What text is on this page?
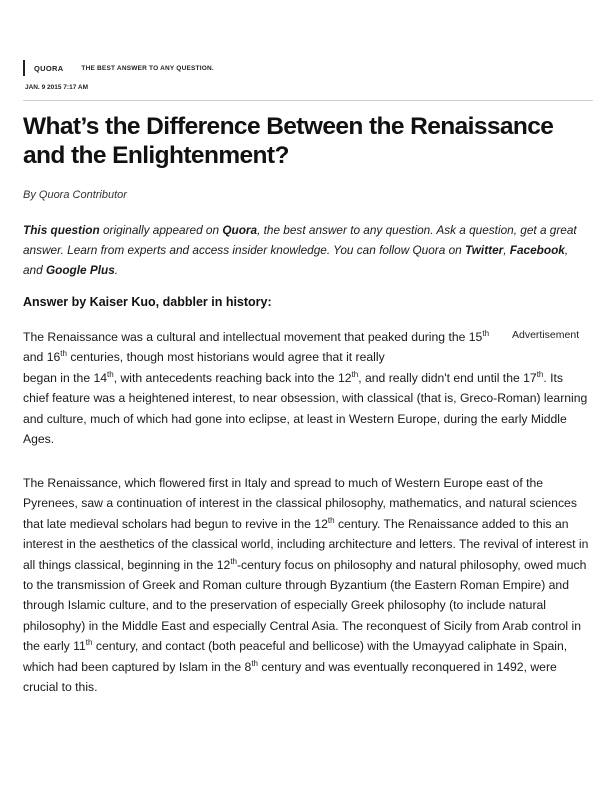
QUORA	THE BEST ANSWER TO ANY QUESTION.
JAN. 9 2015 7:17 AM
What’s the Difference Between the Renaissance and the Enlightenment?
By Quora Contributor

This question originally appeared on Quora, the best answer to any question. Ask a question, get a great answer. Learn from experts and access insider knowledge. You can follow Quora on Twitter, Facebook, and Google Plus.

Answer by Kaiser Kuo, dabbler in history:

Advertisement

The Renaissance was a cultural and intellectual movement that peaked during the 15th and 16th centuries, though most historians would agree that it really
began in the 14th, with antecedents reaching back into the 12th, and really didn't end until the 17th. Its chief feature was a heightened interest, to near obsession, with classical (that is, Greco-Roman) learning and culture, much of which had gone into eclipse, at least in Western Europe, during the early Middle Ages.

The Renaissance, which flowered first in Italy and spread to much of Western Europe east of the Pyrenees, saw a continuation of interest in the classical philosophy, mathematics, and natural sciences that late medieval scholars had begun to revive in the 12th century. The Renaissance added to this an interest in the aesthetics of the classical world, including architecture and letters. The revival of interest in all things classical, beginning in the 12th-century focus on philosophy and natural philosophy, owed much to the transmission of Greek and Roman culture through Byzantium (the Eastern Roman Empire) and through Islamic culture, and to the preservation of especially Greek philosophy (to include natural philosophy) in the Middle East and especially Central Asia. The reconquest of Sicily from Arab control in the early 11th century, and contact (both peaceful and bellicose) with the Umayyad caliphate in Spain, which had been captured by Islam in the 8th century and was eventually reconquered in 1492, were crucial to this.
